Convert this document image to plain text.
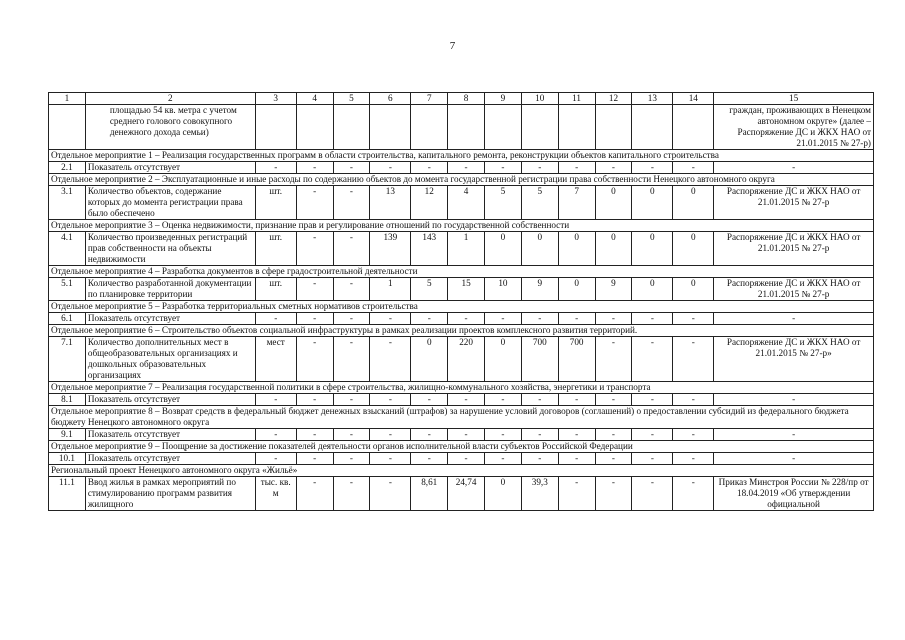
7
1	2	3	4	5	6	7	8	9	10	11	12	13	14	15
	площадью 54 кв. метра с учетом среднего голового совокупного денежного дохода семьи)													граждан, проживающих в Ненецком автономном округе» (далее – Распоряжение ДС и ЖКХ НАО от 21.01.2015 № 27-р)
Отдельное мероприятие 1 – Реализация государственных программ в области строительства, капитального ремонта, реконструкции объектов капитального строительства														
2.1	Показатель отсутствует	-	-	-	-	-	-	-	-	-	-	-	-	-
Отдельное мероприятие 2 – Эксплуатационные и иные расходы по содержанию объектов до момента государственной регистрации права собственности Ненецкого автономного округа														
3.1	Количество объектов, содержание которых до момента регистрации права было обеспечено	шт.	-	-	13	12	4	5	5	7	0	0	0	Распоряжение ДС и ЖКХ НАО от 21.01.2015 № 27-р
Отдельное мероприятие 3 – Оценка недвижимости, признание прав и регулирование отношений по государственной собственности														
4.1	Количество произведенных регистраций прав собственности на объекты недвижимости	шт.	-	-	139	143	1	0	0	0	0	0	0	Распоряжение ДС и ЖКХ НАО от 21.01.2015 № 27-р
Отдельное мероприятие 4 – Разработка документов в сфере градостроительной деятельности														
5.1	Количество разработанной документации по планировке территории	шт.	-	-	1	5	15	10	9	0	9	0	0	Распоряжение ДС и ЖКХ НАО от 21.01.2015 № 27-р
Отдельное мероприятие 5 – Разработка территориальных сметных нормативов строительства														
6.1	Показатель отсутствует	-	-	-	-	-	-	-	-	-	-	-	-	-
Отдельное мероприятие 6 – Строительство объектов социальной инфраструктуры в рамках реализации проектов комплексного развития территорий.														
7.1	Количество дополнительных мест в общеобразовательных организациях и дошкольных образовательных организациях	мест	-	-	-	0	220	0	700	700	-	-	-	Распоряжение ДС и ЖКХ НАО от 21.01.2015 № 27-р»
Отдельное мероприятие 7 – Реализация государственной политики в сфере строительства, жилищно-коммунального хозяйства, энергетики и транспорта														
8.1	Показатель отсутствует	-	-	-	-	-	-	-	-	-	-	-	-	-
Отдельное мероприятие 8 – Возврат средств в федеральный бюджет денежных взысканий (штрафов) за нарушение условий договоров (соглашений) о предоставлении субсидий из федерального бюджета бюджету Ненецкого автономного округа														
9.1	Показатель отсутствует	-	-	-	-	-	-	-	-	-	-	-	-	-
Отдельное мероприятие 9 – Поощрение за достижение показателей деятельности органов исполнительной власти субъектов Российской Федерации														
10.1	Показатель отсутствует	-	-	-	-	-	-	-	-	-	-	-	-	-
Региональный проект Ненецкого автономного округа «Жильё»														
11.1	Ввод жилья в рамках мероприятий по стимулированию программ развития жилищного	тыс. кв. м	-	-	-	8,61	24,74	0	39,3	-	-	-	-	Приказ Минстроя России № 228/пр от 18.04.2019 «Об утверждении официальной
